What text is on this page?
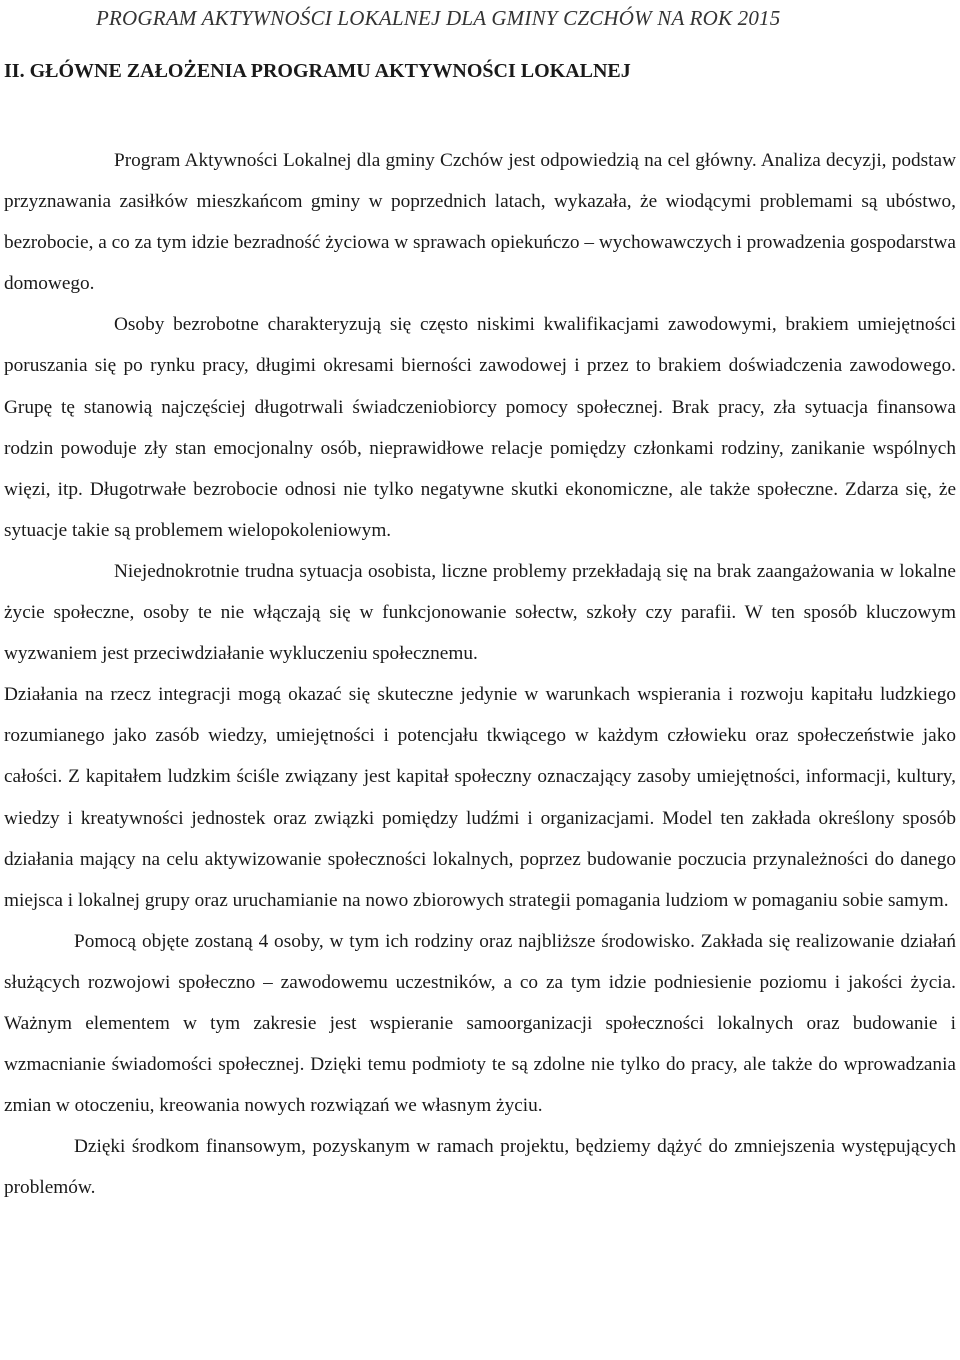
PROGRAM AKTYWNOŚCI LOKALNEJ DLA GMINY CZCHÓW NA ROK 2015
II. GŁÓWNE ZAŁOŻENIA PROGRAMU AKTYWNOŚCI LOKALNEJ

Program Aktywności Lokalnej dla gminy Czchów jest odpowiedzią na cel główny. Analiza decyzji, podstaw przyznawania zasiłków mieszkańcom gminy w poprzednich latach, wykazała, że wiodącymi problemami są ubóstwo, bezrobocie, a co za tym idzie bezradność życiowa w sprawach opiekuńczo – wychowawczych i prowadzenia gospodarstwa domowego.

Osoby bezrobotne charakteryzują się często niskimi kwalifikacjami zawodowymi, brakiem umiejętności poruszania się po rynku pracy, długimi okresami bierności zawodowej i przez to brakiem doświadczenia zawodowego. Grupę tę stanowią najczęściej długotrwali świadczeniobiorcy pomocy społecznej. Brak pracy, zła sytuacja finansowa rodzin powoduje zły stan emocjonalny osób, nieprawidłowe relacje pomiędzy członkami rodziny, zanikanie wspólnych więzi, itp. Długotrwałe bezrobocie odnosi nie tylko negatywne skutki ekonomiczne, ale także społeczne. Zdarza się, że sytuacje takie są problemem wielopokoleniowym.

Niejednokrotnie trudna sytuacja osobista, liczne problemy przekładają się na brak zaangażowania w lokalne życie społeczne, osoby te nie włączają się w funkcjonowanie sołectw, szkoły czy parafii. W ten sposób kluczowym wyzwaniem jest przeciwdziałanie wykluczeniu społecznemu.

Działania na rzecz integracji mogą okazać się skuteczne jedynie w warunkach wspierania i rozwoju kapitału ludzkiego rozumianego jako zasób wiedzy, umiejętności i potencjału tkwiącego w każdym człowieku oraz społeczeństwie jako całości. Z kapitałem ludzkim ściśle związany jest kapitał społeczny oznaczający zasoby umiejętności, informacji, kultury, wiedzy i kreatywności jednostek oraz związki pomiędzy ludźmi i organizacjami. Model ten zakłada określony sposób działania mający na celu aktywizowanie społeczności lokalnych, poprzez budowanie poczucia przynależności do danego miejsca i lokalnej grupy oraz uruchamianie na nowo zbiorowych strategii pomagania ludziom w pomaganiu sobie samym.

Pomocą objęte zostaną 4 osoby, w tym ich rodziny oraz najbliższe środowisko. Zakłada się realizowanie działań służących rozwojowi społeczno – zawodowemu uczestników, a co za tym idzie podniesienie poziomu i jakości życia. Ważnym elementem w tym zakresie jest wspieranie samoorganizacji społeczności lokalnych oraz budowanie i wzmacnianie świadomości społecznej. Dzięki temu podmioty te są zdolne nie tylko do pracy, ale także do wprowadzania zmian w otoczeniu, kreowania nowych rozwiązań we własnym życiu.

Dzięki środkom finansowym, pozyskanym w ramach projektu, będziemy dążyć do zmniejszenia występujących problemów.
